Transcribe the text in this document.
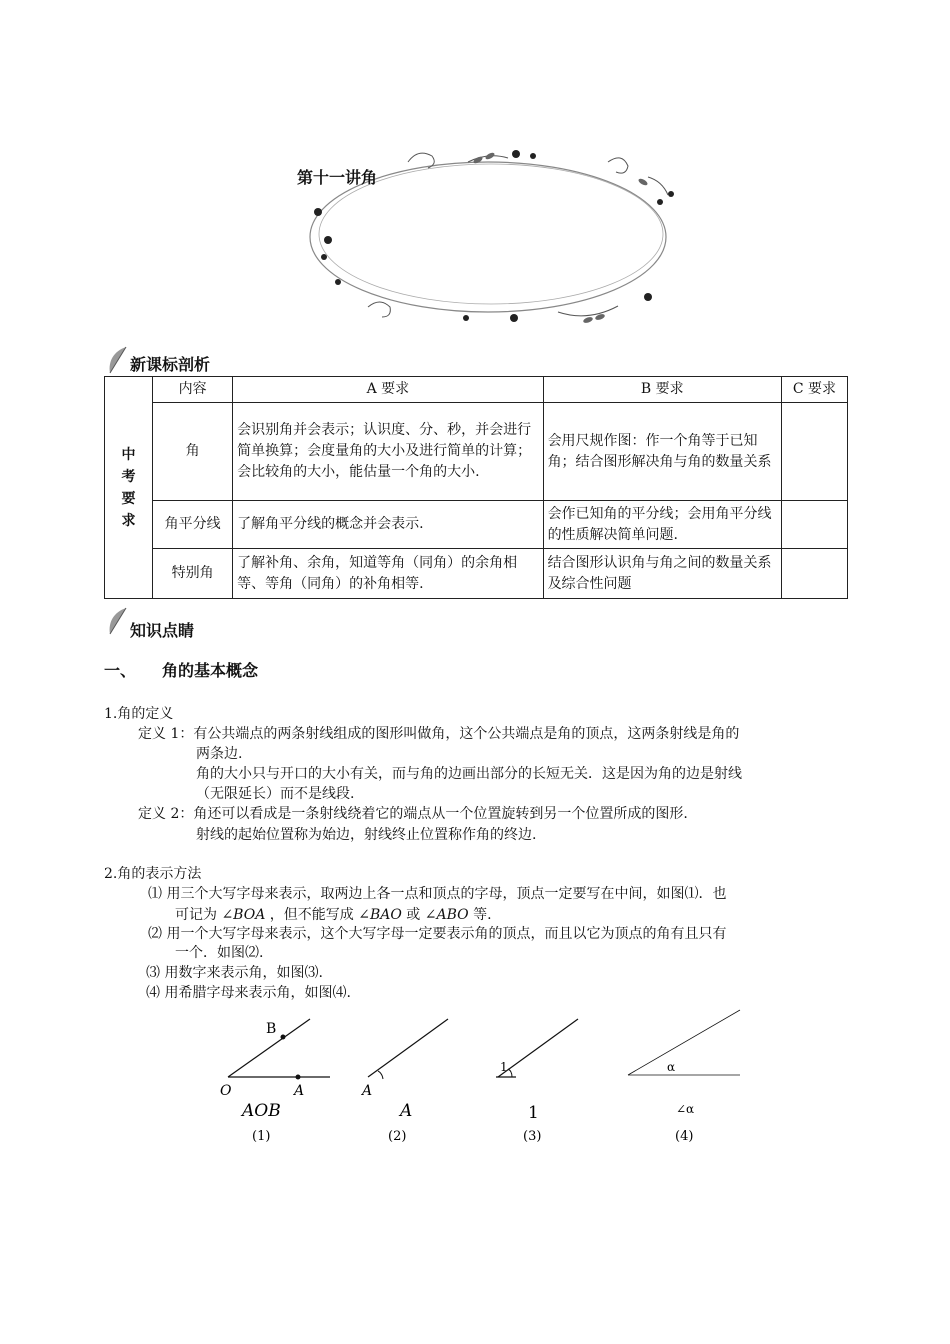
第十一讲角
新课标剖析
中
考
要
求	内容	A 要求	B 要求	C 要求
	角	会识别角并会表示；认识度、分、秒，并会进行简单换算；会度量角的大小及进行简单的计算；会比较角的大小，能估量一个角的大小.	会用尺规作图：作一个角等于已知角；结合图形解决角与角的数量关系	
	角平分线	了解角平分线的概念并会表示.	会作已知角的平分线；会用角平分线的性质解决简单问题.	
	特别角	了解补角、余角，知道等角（同角）的余角相等、等角（同角）的补角相等.	结合图形认识角与角之间的数量关系及综合性问题	
知识点睛
一、 角的基本概念
1.角的定义
定义 1：有公共端点的两条射线组成的图形叫做角，这个公共端点是角的顶点，这两条射线是角的
两条边.
角的大小只与开口的大小有关，而与角的边画出部分的长短无关．这是因为角的边是射线
（无限延长）而不是线段.
定义 2：角还可以看成是一条射线绕着它的端点从一个位置旋转到另一个位置所成的图形.
射线的起始位置称为始边，射线终止位置称作角的终边.
2.角的表示方法
⑴ 用三个大写字母来表示，取两边上各一点和顶点的字母，顶点一定要写在中间，如图⑴．也
可记为 ∠BOA ，但不能写成 ∠BAO 或 ∠ABO 等.
⑵ 用一个大写字母来表示，这个大写字母一定要表示角的顶点，而且以它为顶点的角有且只有
一个．如图⑵.
⑶ 用数字来表示角，如图⑶.
⑷ 用希腊字母来表示角，如图⑷.
B
O	A
AOB
(1)
A
A
(2)
1
1
(3)
α
∠α
(4)
